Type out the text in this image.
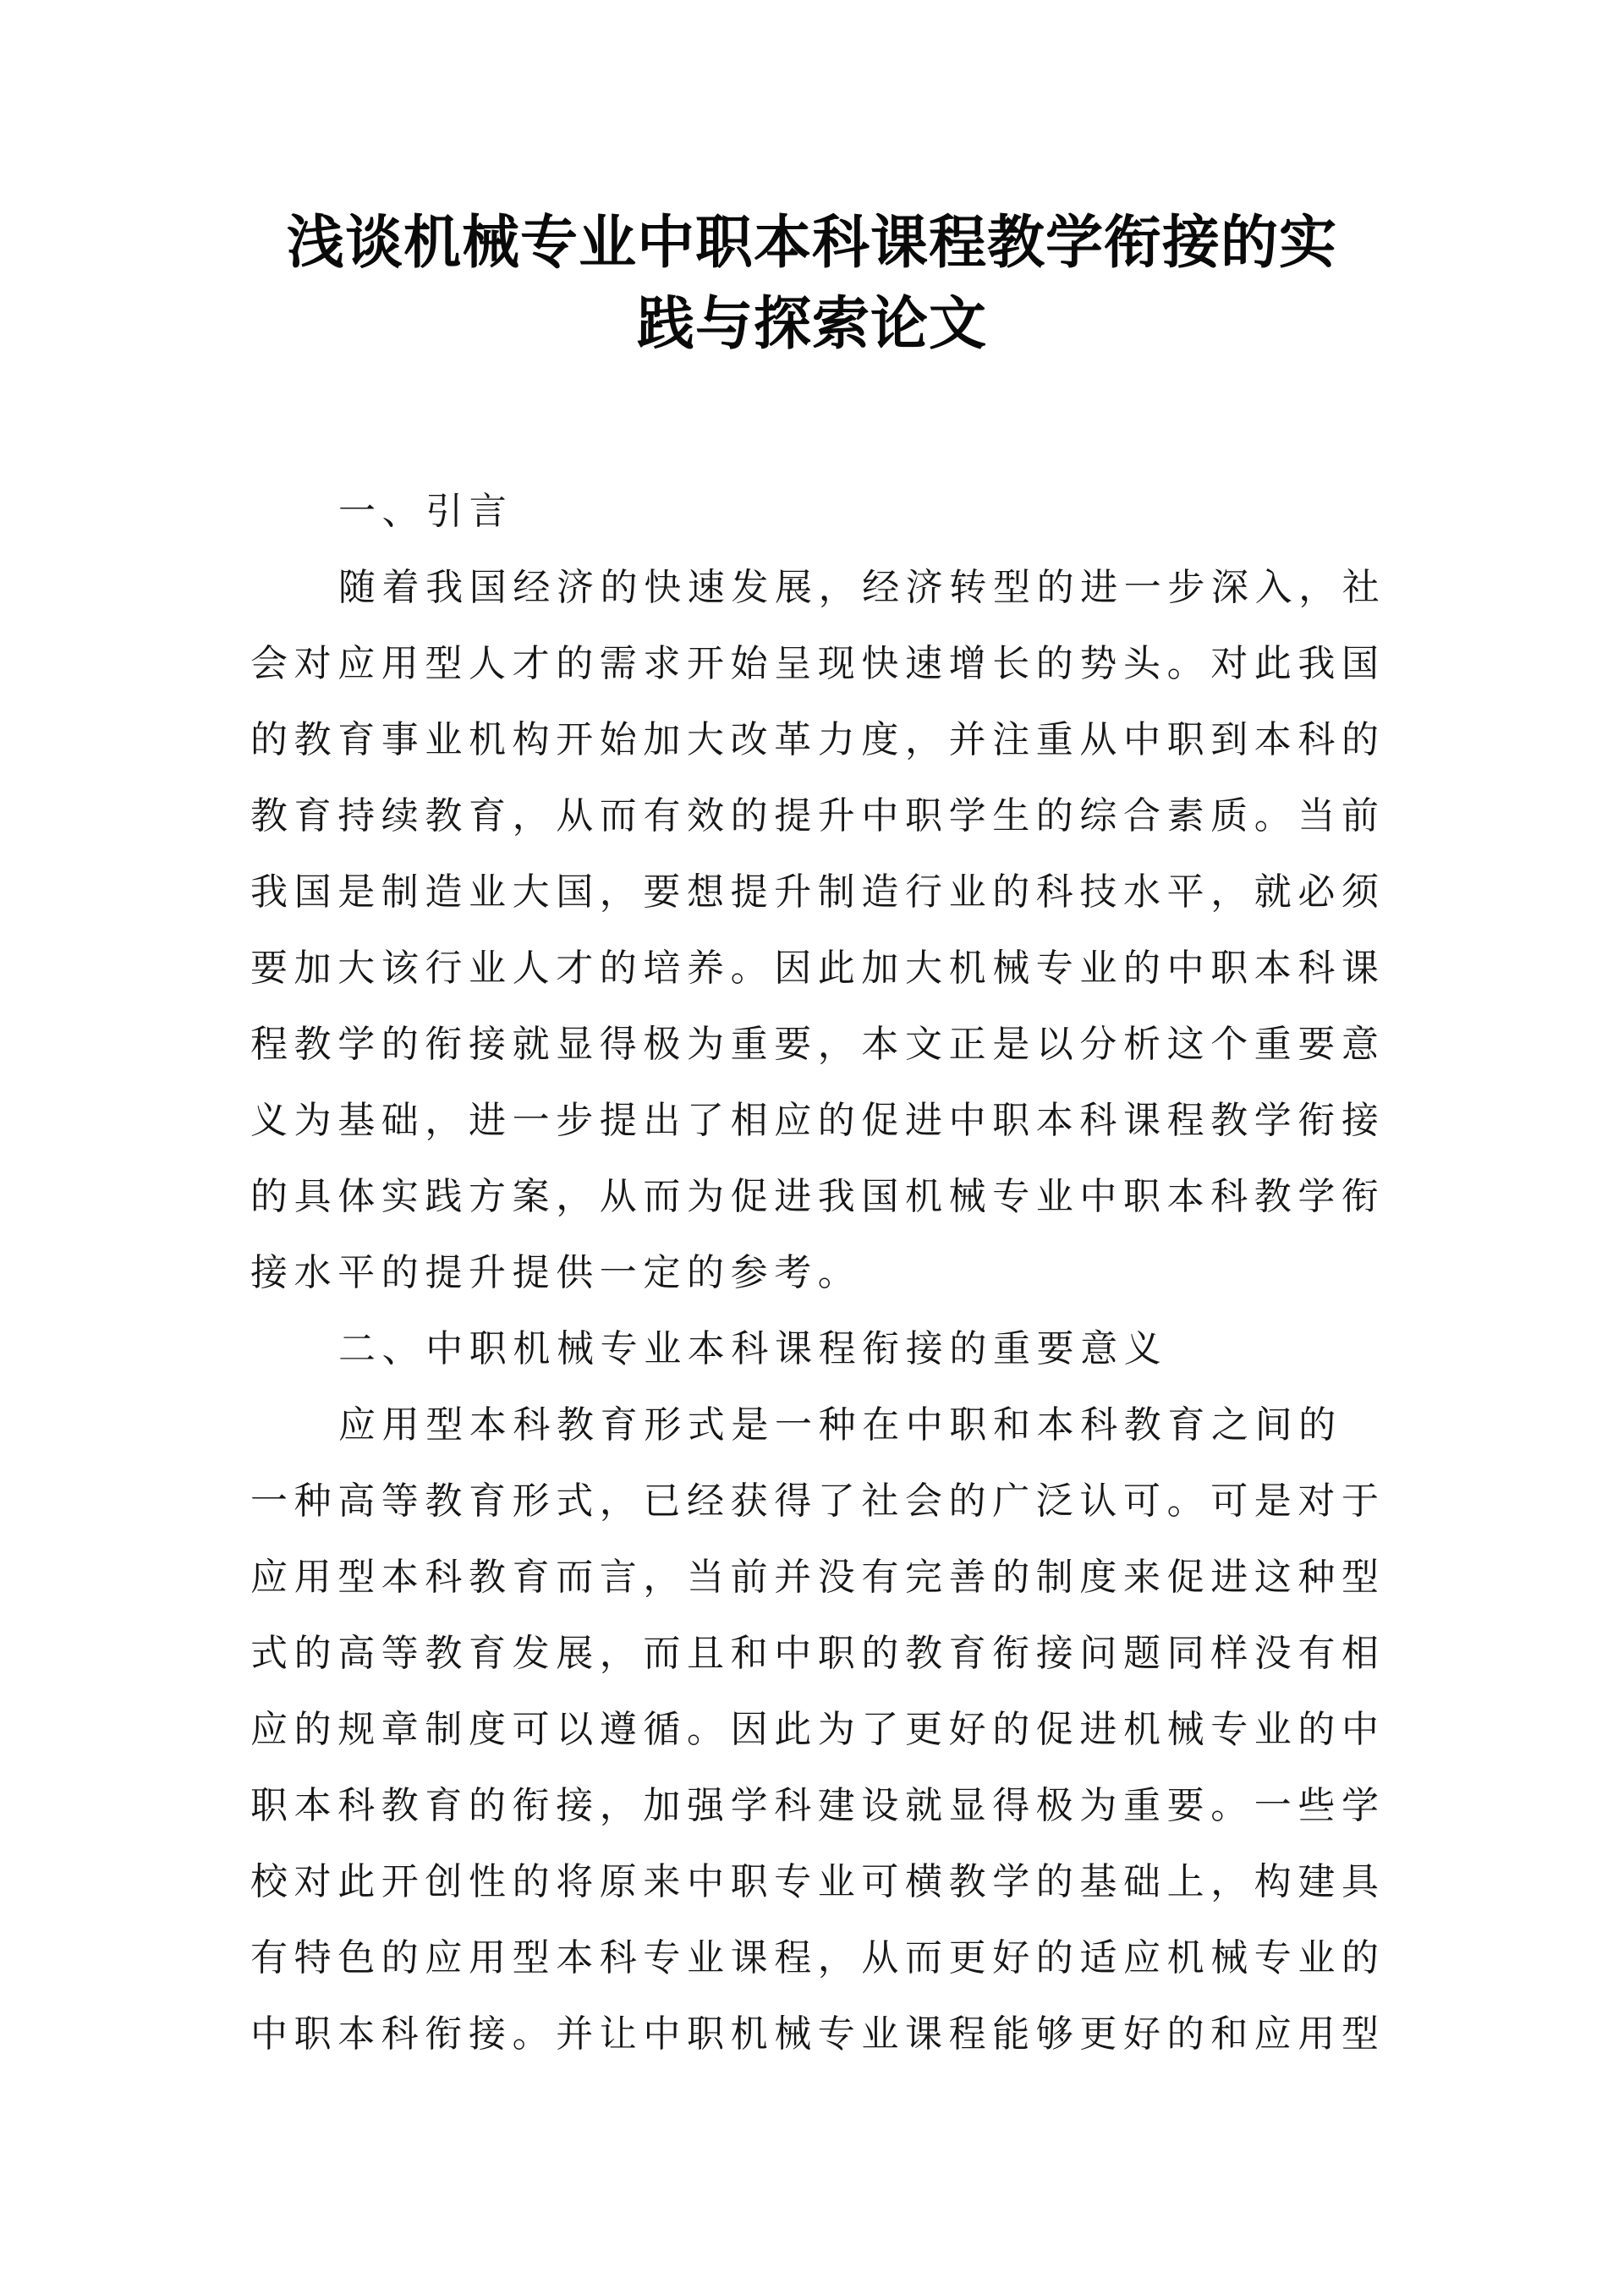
浅谈机械专业中职本科课程教学衔接的实
践与探索论文
一、引言
随着我国经济的快速发展，经济转型的进一步深入，社
会对应用型人才的需求开始呈现快速增长的势头。对此我国
的教育事业机构开始加大改革力度，并注重从中职到本科的
教育持续教育，从而有效的提升中职学生的综合素质。当前
我国是制造业大国，要想提升制造行业的科技水平，就必须
要加大该行业人才的培养。因此加大机械专业的中职本科课
程教学的衔接就显得极为重要，本文正是以分析这个重要意
义为基础，进一步提出了相应的促进中职本科课程教学衔接
的具体实践方案，从而为促进我国机械专业中职本科教学衔
接水平的提升提供一定的参考。
二、中职机械专业本科课程衔接的重要意义
应用型本科教育形式是一种在中职和本科教育之间的
一种高等教育形式，已经获得了社会的广泛认可。可是对于
应用型本科教育而言，当前并没有完善的制度来促进这种型
式的高等教育发展，而且和中职的教育衔接问题同样没有相
应的规章制度可以遵循。因此为了更好的促进机械专业的中
职本科教育的衔接，加强学科建设就显得极为重要。一些学
校对此开创性的将原来中职专业可横教学的基础上，构建具
有特色的应用型本科专业课程，从而更好的适应机械专业的
中职本科衔接。并让中职机械专业课程能够更好的和应用型
